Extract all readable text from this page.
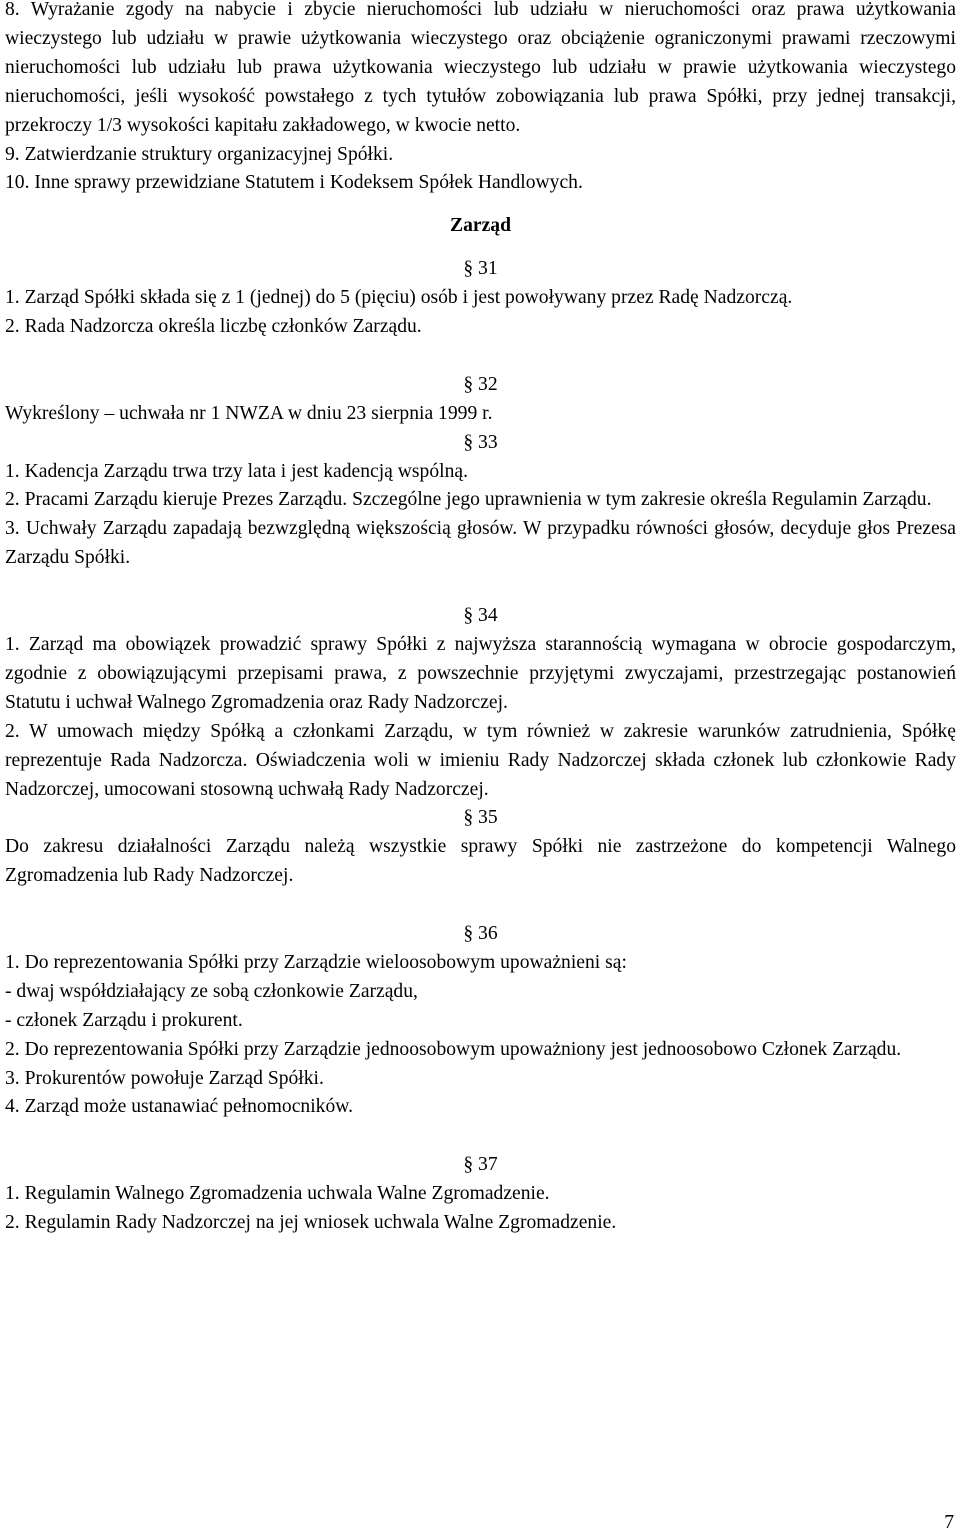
8. Wyrażanie zgody na nabycie i zbycie nieruchomości lub udziału w nieruchomości oraz prawa użytkowania wieczystego lub udziału w prawie użytkowania wieczystego oraz obciążenie ograniczonymi prawami rzeczowymi nieruchomości lub udziału lub prawa użytkowania wieczystego lub udziału w prawie użytkowania wieczystego nieruchomości, jeśli wysokość powstałego z tych tytułów zobowiązania lub prawa Spółki, przy jednej transakcji, przekroczy 1/3 wysokości kapitału zakładowego, w kwocie netto.

9. Zatwierdzanie struktury organizacyjnej Spółki.

10. Inne sprawy przewidziane Statutem i Kodeksem Spółek Handlowych.

Zarząd

§ 31

1. Zarząd Spółki składa się z 1 (jednej) do 5 (pięciu) osób i jest powoływany przez Radę Nadzorczą.

2. Rada Nadzorcza określa liczbę członków Zarządu.

§ 32

Wykreślony – uchwała nr 1 NWZA w dniu 23 sierpnia 1999 r.

§ 33

1. Kadencja Zarządu trwa trzy lata i jest kadencją wspólną.

2. Pracami Zarządu kieruje Prezes Zarządu. Szczególne jego uprawnienia w tym zakresie określa Regulamin Zarządu.

3. Uchwały Zarządu zapadają bezwzględną większością głosów. W przypadku równości głosów, decyduje głos Prezesa Zarządu Spółki.

§ 34

1. Zarząd ma obowiązek prowadzić sprawy Spółki z najwyższa starannością wymagana w obrocie gospodarczym, zgodnie z obowiązującymi przepisami prawa, z powszechnie przyjętymi zwyczajami, przestrzegając postanowień Statutu i uchwał Walnego Zgromadzenia oraz Rady Nadzorczej.

2. W umowach między Spółką a członkami Zarządu, w tym również w zakresie warunków zatrudnienia, Spółkę reprezentuje Rada Nadzorcza. Oświadczenia woli w imieniu Rady Nadzorczej składa członek lub członkowie Rady Nadzorczej, umocowani stosowną uchwałą Rady Nadzorczej.

§ 35

Do zakresu działalności Zarządu należą wszystkie sprawy Spółki nie zastrzeżone do kompetencji Walnego Zgromadzenia lub Rady Nadzorczej.

§ 36

1. Do reprezentowania Spółki przy Zarządzie wieloosobowym upoważnieni są:

- dwaj współdziałający ze sobą członkowie Zarządu,

- członek Zarządu i prokurent.

2. Do reprezentowania Spółki przy Zarządzie jednoosobowym upoważniony jest jednoosobowo Członek Zarządu.

3. Prokurentów powołuje Zarząd Spółki.

4. Zarząd może ustanawiać pełnomocników.

§ 37

1. Regulamin Walnego Zgromadzenia uchwala Walne Zgromadzenie.

2. Regulamin Rady Nadzorczej na jej wniosek uchwala Walne Zgromadzenie.

7
